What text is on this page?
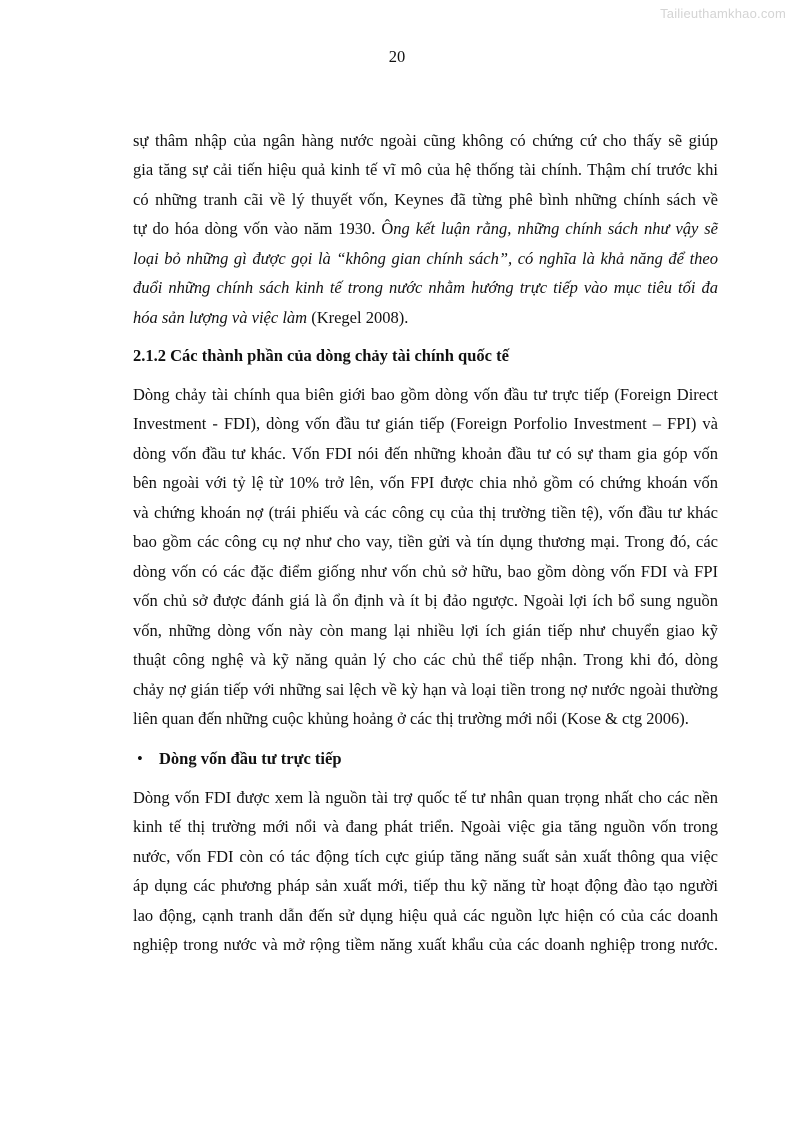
Tailieuthamkhao.com
20
sự thâm nhập của ngân hàng nước ngoài cũng không có chứng cứ cho thấy sẽ giúp
gia tăng sự cải tiến hiệu quả kinh tế vĩ mô của hệ thống tài chính. Thậm chí trước khi
có những tranh cãi về lý thuyết vốn, Keynes đã từng phê bình những chính sách về
tự do hóa dòng vốn vào năm 1930. Ông kết luận rằng, những chính sách như vậy sẽ
loại bỏ những gì được gọi là “không gian chính sách”, có nghĩa là khả năng để theo
đuổi những chính sách kinh tế trong nước nhằm hướng trực tiếp vào mục tiêu tối đa
hóa sản lượng và việc làm (Kregel 2008).
2.1.2 Các thành phần của dòng chảy tài chính quốc tế
Dòng chảy tài chính qua biên giới bao gồm dòng vốn đầu tư trực tiếp (Foreign Direct
Investment - FDI), dòng vốn đầu tư gián tiếp (Foreign Porfolio Investment – FPI) và
dòng vốn đầu tư khác. Vốn FDI nói đến những khoản đầu tư có sự tham gia góp vốn
bên ngoài với tỷ lệ từ 10% trở lên, vốn FPI được chia nhỏ gồm có chứng khoán vốn
và chứng khoán nợ (trái phiếu và các công cụ của thị trường tiền tệ), vốn đầu tư khác
bao gồm các công cụ nợ như cho vay, tiền gửi và tín dụng thương mại. Trong đó, các
dòng vốn có các đặc điểm giống như vốn chủ sở hữu, bao gồm dòng vốn FDI và FPI
vốn chủ sở được đánh giá là ổn định và ít bị đảo ngược. Ngoài lợi ích bổ sung nguồn
vốn, những dòng vốn này còn mang lại nhiều lợi ích gián tiếp như chuyển giao kỹ
thuật công nghệ và kỹ năng quản lý cho các chủ thể tiếp nhận. Trong khi đó, dòng
chảy nợ gián tiếp với những sai lệch về kỳ hạn và loại tiền trong nợ nước ngoài thường
liên quan đến những cuộc khủng hoảng ở các thị trường mới nổi (Kose & ctg 2006).
• Dòng vốn đầu tư trực tiếp
Dòng vốn FDI được xem là nguồn tài trợ quốc tế tư nhân quan trọng nhất cho các nền
kinh tế thị trường mới nổi và đang phát triển. Ngoài việc gia tăng nguồn vốn trong
nước, vốn FDI còn có tác động tích cực giúp tăng năng suất sản xuất thông qua việc
áp dụng các phương pháp sản xuất mới, tiếp thu kỹ năng từ hoạt động đào tạo người
lao động, cạnh tranh dẫn đến sử dụng hiệu quả các nguồn lực hiện có của các doanh
nghiệp trong nước và mở rộng tiềm năng xuất khẩu của các doanh nghiệp trong nước.
